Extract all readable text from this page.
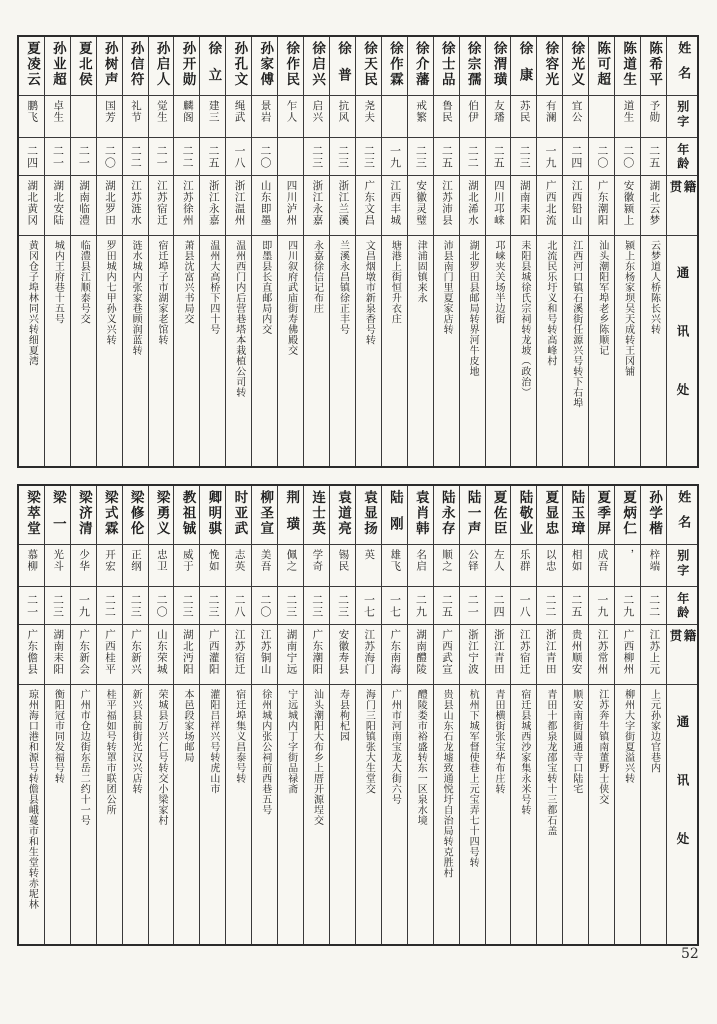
姓名
别字
年龄
籍贯
通讯处
陈希平
予勋
二五
湖北云梦
云梦道人桥陈长兴转
陈道生
道生
二〇
安徽颍上
颍上东杨家坝吴天成转王冈铺
陈可超
二〇
广东潮阳
汕头潮阳军埠老乡陈顺记
徐光义
宜公
二四
江西铅山
江西河口镇石溪街任源兴号转下右埠
徐容光
有澜
一九
广西北流
北流民乐圩义和号转高峰村
徐康
苏民
二三
湖南耒阳
耒阳县城徐氏宗祠转龙坡（政治）
徐渭璜
友璠
二五
四川邛崃
邛崃夹关场半边街
徐宗孺
伯伊
二二
湖北浠水
湖北罗田县邮局转界河牛皮地
徐士品
鲁民
二五
江苏沛县
沛县南门里夏家店转
徐介藩
戒繁
二三
安徽灵璧
津浦固镇来永
徐作霖
一九
江西丰城
塘港上街恒升衣庄
徐天民
尧夫
二三
广东文昌
文昌烟墩市新泉香号转
徐普
抗风
二三
浙江兰溪
兰溪永昌镇徐正丰号
徐启兴
启兴
二三
浙江永嘉
永嘉徐信记布庄
徐作民
乍人
四川泸州
四川叙府武庙街寿佛殿交
孙家傅
景岩
二〇
山东即墨
即墨县长直邮局内交
孙孔文
绳武
一八
浙江温州
温州西门内后营巷塔本栽植公司转
徐立
建三
二五
浙江永嘉
温州大高桥下四十号
孙开勋
麟阁
二二
江苏徐州
萧县沈富兴书局交
孙启人
觉生
二一
江苏宿迁
宿迁埠子市湖家老馆转
孙信符
礼节
二二
江苏涟水
涟水城内张家巷顾润蓝转
孙树声
国芳
二〇
湖北罗田
罗田城内七甲孙义兴转
夏北侯
二一
湖南临澧
临澧县江顺泰号交
孙业超
卓生
二一
湖北安陆
城内王府巷十五号
夏凌云
鹏飞
二四
湖北黄冈
黄冈仓子埠林同兴转细夏湾
姓名
别字
年龄
籍贯
通讯处
孙学楷
梓端
二二
江苏上元
上元孙家边官巷内
夏炳仁
，
二九
广西柳州
柳州大字街夏溢兴转
夏季屏
成吾
一九
江苏常州
江苏奔牛镇南董野士侠交
陆玉璋
相如
二五
贵州顺安
顺安南街圆通寺口陆宅
夏显忠
以忠
二二
浙江青田
青田十都泉龙邵宝转十三都石盖
陆敬业
乐群
一八
江苏宿迁
宿迁县城西沙家集永米号转
夏佐臣
左人
二四
浙江青田
青田横街张宝华布庄转
陆一声
公铎
二一
浙江宁波
杭州下城军督使巷上元宝弄七十四号转
陆永存
顺之
二五
广西武宣
贵县山东石龙墟致通悦圩自治局转克胜村
袁肖韩
名启
二九
湖南醴陵
醴陵娄市裕盛转东一区泉水境
陆刚
雄飞
一七
广东南海
广州市河南宝龙大街六号
袁显扬
英
一七
江苏海门
海门三阳镇张大生堂交
袁道亮
锡民
二三
安徽寿县
寿县枸杞园
连士英
学奇
二三
广东潮阳
汕头潮阳大布乡上厝开源埕交
荆璜
佩之
二三
湖南宁远
宁远城内丁字街品禄斋
柳圣宣
美吾
二〇
江苏铜山
徐州城内张公祠前西巷五号
时亚武
志英
二八
江苏宿迁
宿迁埠集义昌泰号转
卿明骐
悗如
二三
广西灌阳
灌阳吕祥兴号转虎山市
教祖铖
威于
二三
湖北沔阳
本邑段家场邮局
梁勇义
忠卫
二〇
山东荣城
荣城县万兴仁号转交小梁家村
梁修伦
正纲
二三
广东新兴
新兴县前街光汉兴店转
梁式霖
开宏
二二
广西桂平
桂平福如号转罩市联团公所
梁济清
少华
一九
广东新会
广州市仓边街东岳二约十一号
梁一
光斗
二三
湖南耒阳
衡阳冠市同发福号转
梁萃堂
慕柳
二一
广东儋县
琼州海口港和源号转儋县峨蔓市和生堂转赤坭林
52
